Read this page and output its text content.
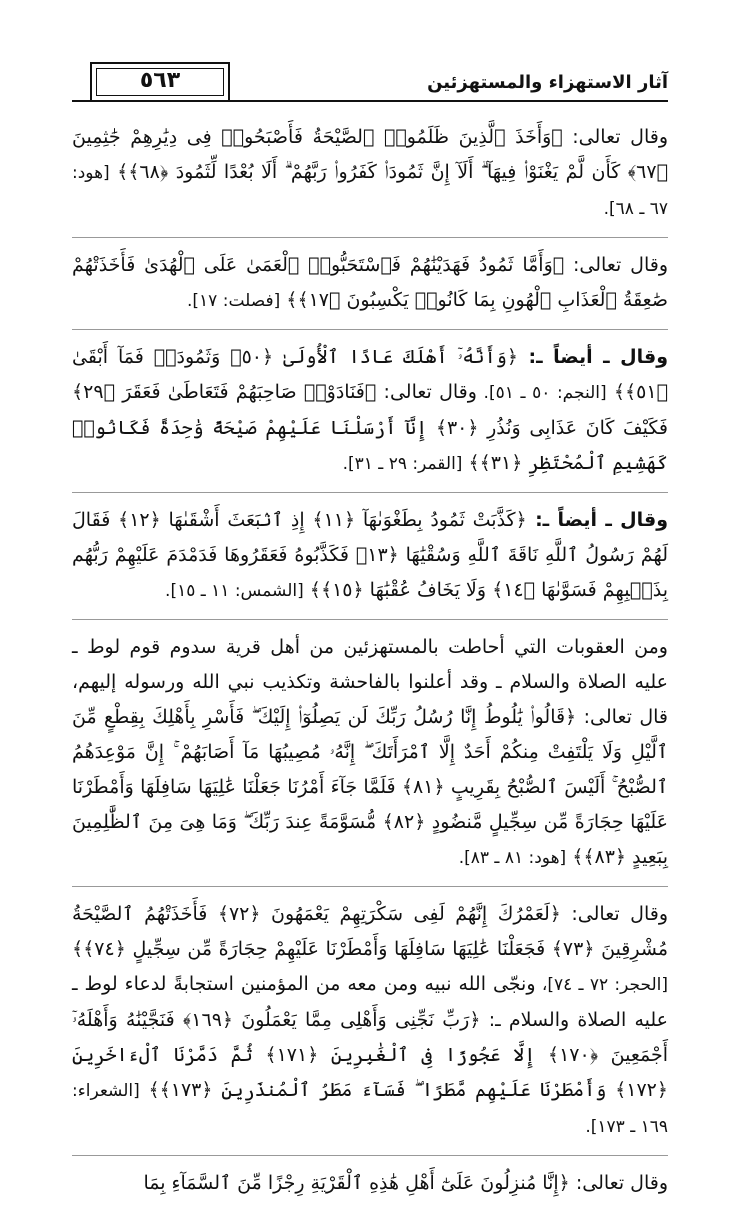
٥٦٣	آثار الاستهزاء والمستهزئين

وقال تعالى: ﴿وَأَخَذَ ٱلَّذِينَ ظَلَمُوا۟ ٱلصَّيْحَةُ فَأَصْبَحُوا۟ فِى دِيَٰرِهِمْ جَٰثِمِينَ ﴿٦٧﴾ كَأَن لَّمْ يَغْنَوْا۟ فِيهَآ ۗ أَلَآ إِنَّ ثَمُودَا۟ كَفَرُوا۟ رَبَّهُمْ ۗ أَلَا بُعْدًا لِّثَمُودَ ﴿٦٨﴾﴾ [هود: ٦٧ ـ ٦٨].

وقال تعالى: ﴿وَأَمَّا ثَمُودُ فَهَدَيْنَٰهُمْ فَٱسْتَحَبُّوا۟ ٱلْعَمَىٰ عَلَى ٱلْهُدَىٰ فَأَخَذَتْهُمْ صَٰعِقَةُ ٱلْعَذَابِ ٱلْهُونِ بِمَا كَانُوا۟ يَكْسِبُونَ ﴿١٧﴾﴾ [فصلت: ١٧].

وقال ـ أيضاً ـ: ﴿وَأَنَّهُۥٓ أَهْلَكَ عَادًا ٱلْأُولَىٰ ﴿٥٠﴾ وَثَمُودَا۟ فَمَآ أَبْقَىٰ ﴿٥١﴾﴾ [النجم: ٥٠ ـ ٥١]. وقال تعالى: ﴿فَنَادَوْا۟ صَاحِبَهُمْ فَتَعَاطَىٰ فَعَقَرَ ﴿٢٩﴾ فَكَيْفَ كَانَ عَذَابِى وَنُذُرِ ﴿٣٠﴾ إِنَّآ أَرْسَلْنَا عَلَيْهِمْ صَيْحَةً وَٰحِدَةً فَكَانُوا۟ كَهَشِيمِ ٱلْمُحْتَظِرِ ﴿٣١﴾﴾ [القمر: ٢٩ ـ ٣١].

وقال ـ أيضاً ـ: ﴿كَذَّبَتْ ثَمُودُ بِطَغْوَىٰهَآ ﴿١١﴾ إِذِ ٱنۢبَعَثَ أَشْقَىٰهَا ﴿١٢﴾ فَقَالَ لَهُمْ رَسُولُ ٱللَّهِ نَاقَةَ ٱللَّهِ وَسُقْيَٰهَا ﴿١٣﴾ فَكَذَّبُوهُ فَعَقَرُوهَا فَدَمْدَمَ عَلَيْهِمْ رَبُّهُم بِذَنۢبِهِمْ فَسَوَّىٰهَا ﴿١٤﴾ وَلَا يَخَافُ عُقْبَٰهَا ﴿١٥﴾﴾ [الشمس: ١١ ـ ١٥].

ومن العقوبات التي أحاطت بالمستهزئين من أهل قرية سدوم قوم لوط ـ عليه الصلاة والسلام ـ وقد أعلنوا بالفاحشة وتكذيب نبي الله ورسوله إليهم، قال تعالى: ﴿قَالُوا۟ يَٰلُوطُ إِنَّا رُسُلُ رَبِّكَ لَن يَصِلُوٓا۟ إِلَيْكَ ۖ فَأَسْرِ بِأَهْلِكَ بِقِطْعٍ مِّنَ ٱلَّيْلِ وَلَا يَلْتَفِتْ مِنكُمْ أَحَدٌ إِلَّا ٱمْرَأَتَكَ ۖ إِنَّهُۥ مُصِيبُهَا مَآ أَصَابَهُمْ ۚ إِنَّ مَوْعِدَهُمُ ٱلصُّبْحُ ۚ أَلَيْسَ ٱلصُّبْحُ بِقَرِيبٍ ﴿٨١﴾ فَلَمَّا جَآءَ أَمْرُنَا جَعَلْنَا عَٰلِيَهَا سَافِلَهَا وَأَمْطَرْنَا عَلَيْهَا حِجَارَةً مِّن سِجِّيلٍ مَّنضُودٍ ﴿٨٢﴾ مُّسَوَّمَةً عِندَ رَبِّكَ ۖ وَمَا هِىَ مِنَ ٱلظَّٰلِمِينَ بِبَعِيدٍ ﴿٨٣﴾﴾ [هود: ٨١ ـ ٨٣].

وقال تعالى: ﴿لَعَمْرُكَ إِنَّهُمْ لَفِى سَكْرَتِهِمْ يَعْمَهُونَ ﴿٧٢﴾ فَأَخَذَتْهُمُ ٱلصَّيْحَةُ مُشْرِقِينَ ﴿٧٣﴾ فَجَعَلْنَا عَٰلِيَهَا سَافِلَهَا وَأَمْطَرْنَا عَلَيْهِمْ حِجَارَةً مِّن سِجِّيلٍ ﴿٧٤﴾﴾ [الحجر: ٧٢ ـ ٧٤]، ونجّى الله نبيه ومن معه من المؤمنين استجابةً لدعاء لوط ـ عليه الصلاة والسلام ـ: ﴿رَبِّ نَجِّنِى وَأَهْلِى مِمَّا يَعْمَلُونَ ﴿١٦٩﴾ فَنَجَّيْنَٰهُ وَأَهْلَهُۥٓ أَجْمَعِينَ ﴿١٧٠﴾ إِلَّا عَجُوزًا فِى ٱلْغَٰبِرِينَ ﴿١٧١﴾ ثُمَّ دَمَّرْنَا ٱلْءَاخَرِينَ ﴿١٧٢﴾ وَأَمْطَرْنَا عَلَيْهِم مَّطَرًا ۖ فَسَآءَ مَطَرُ ٱلْمُنذَرِينَ ﴿١٧٣﴾﴾ [الشعراء: ١٦٩ ـ ١٧٣].

وقال تعالى: ﴿إِنَّا مُنزِلُونَ عَلَىٰٓ أَهْلِ هَٰذِهِ ٱلْقَرْيَةِ رِجْزًا مِّنَ ٱلسَّمَآءِ بِمَا
